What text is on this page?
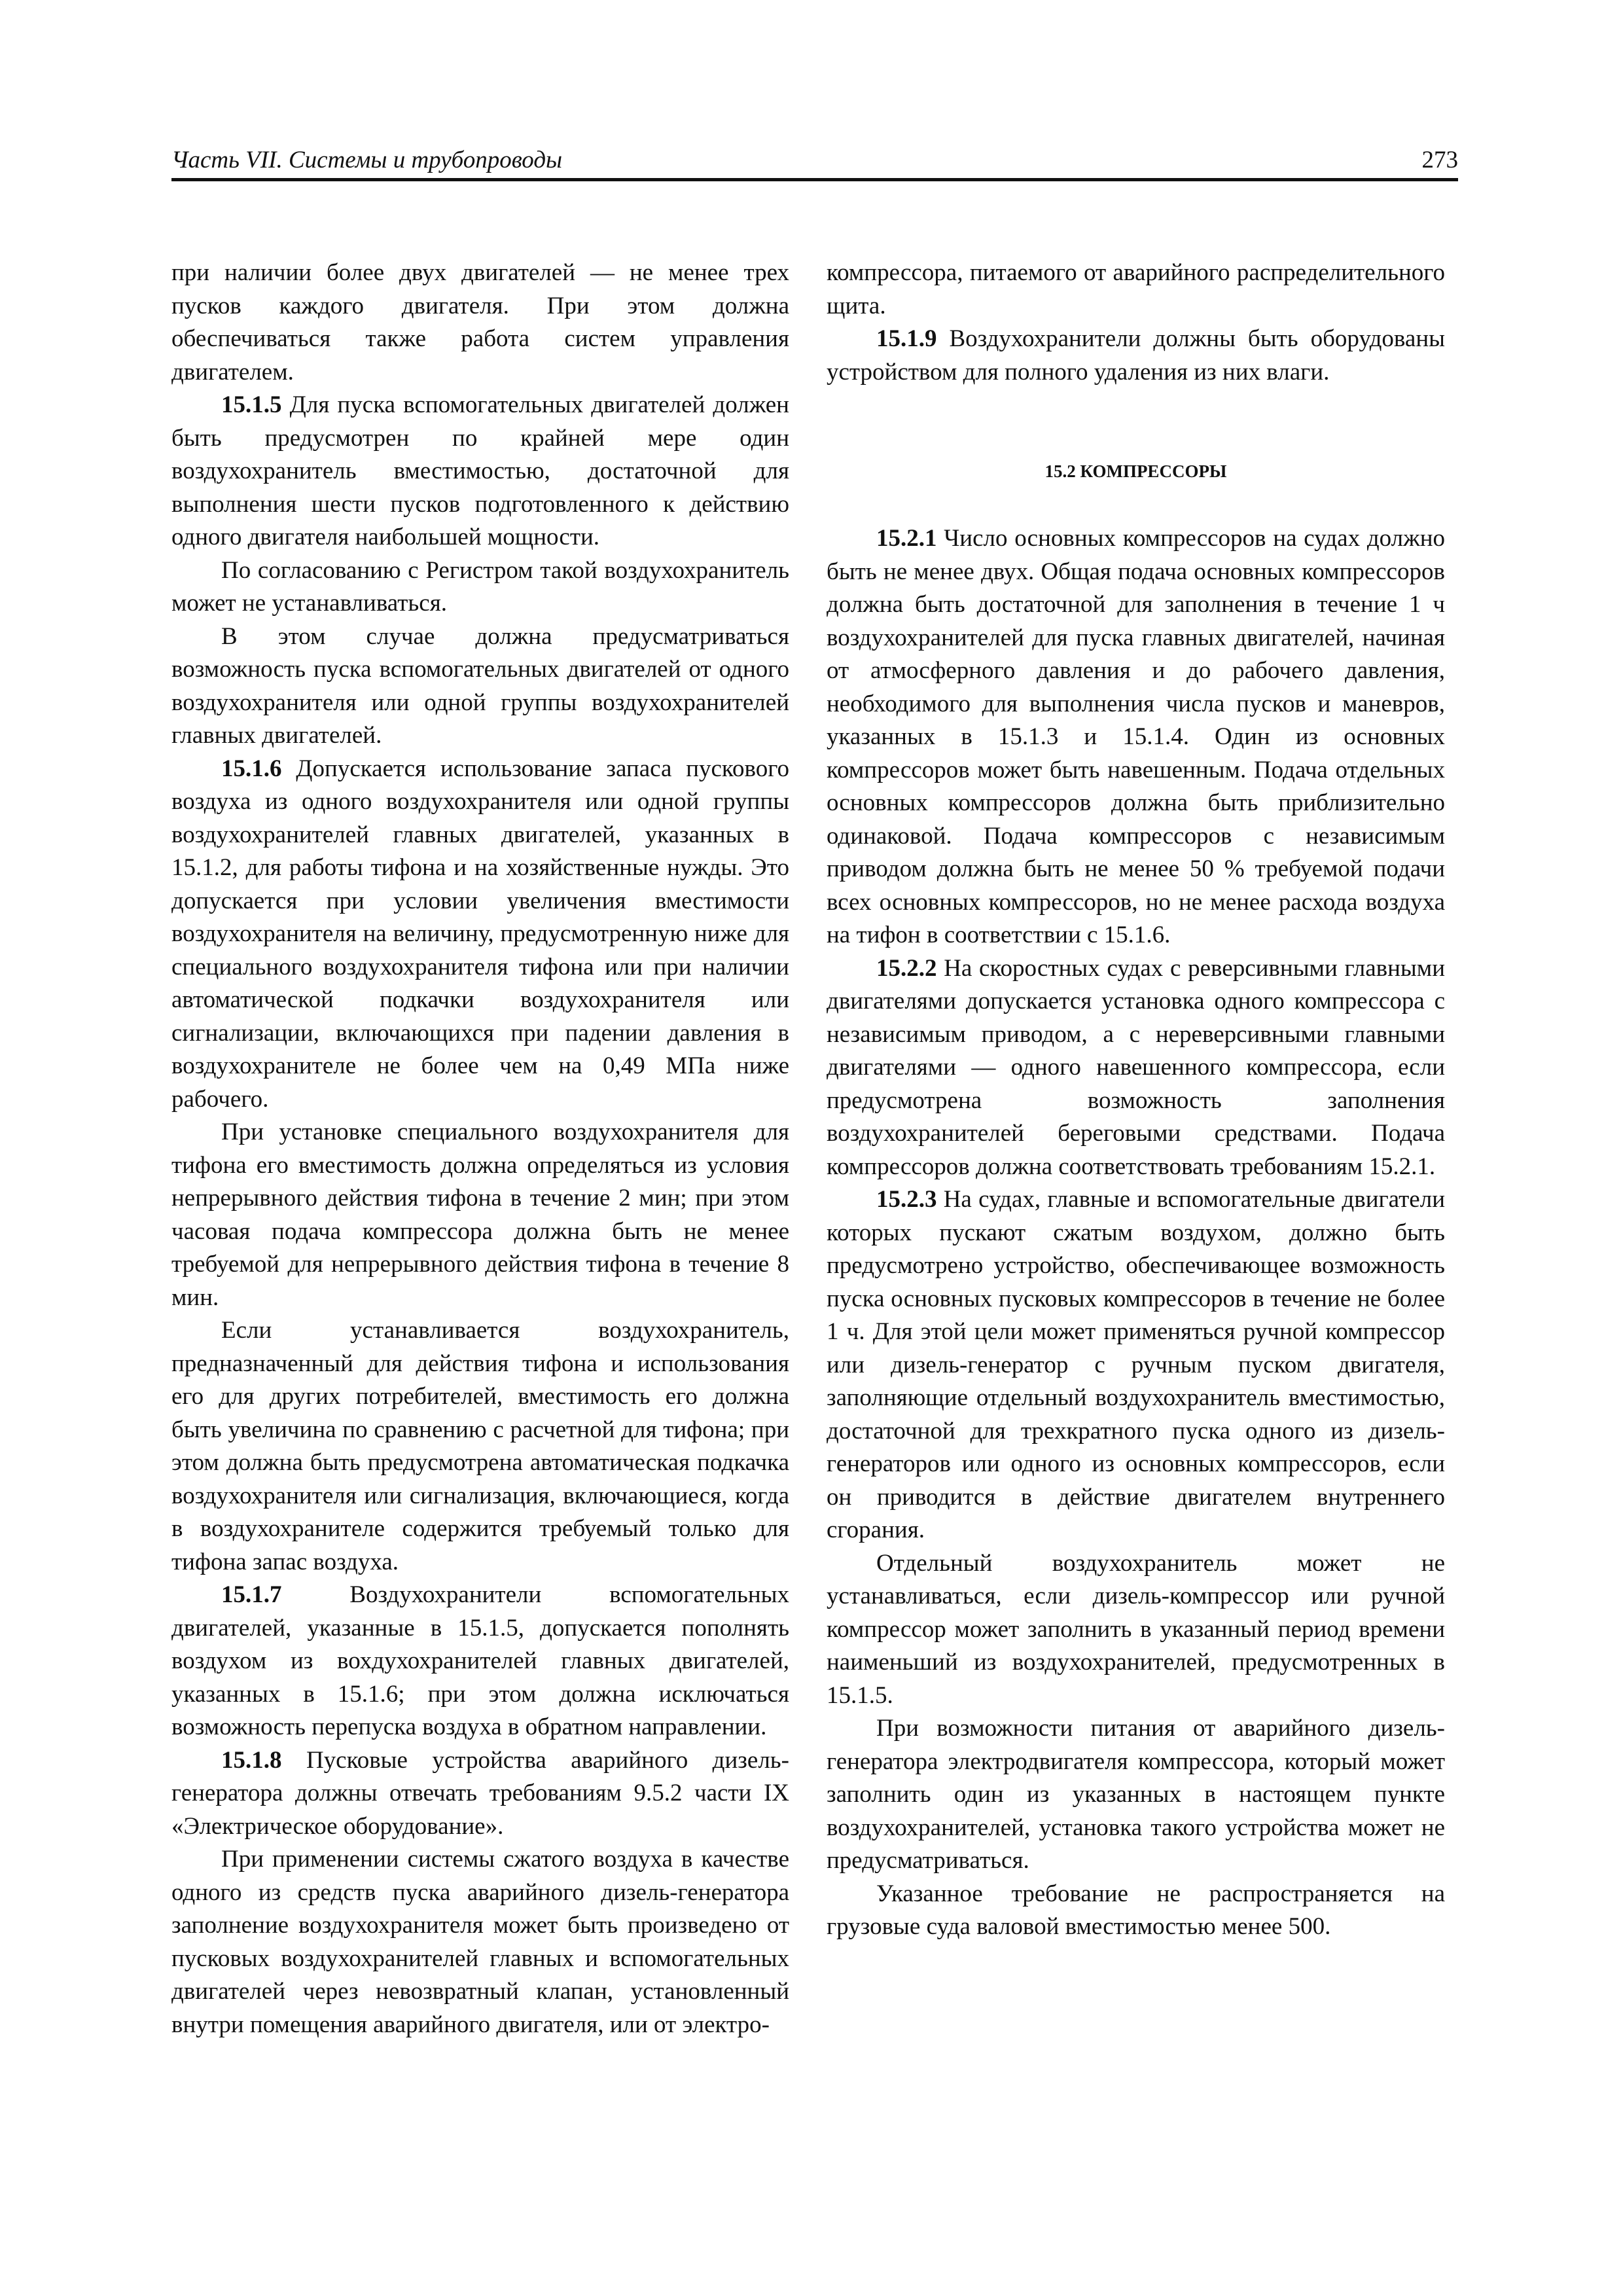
Часть VII. Системы и трубопроводы	273

при наличии более двух двигателей — не менее трех пусков каждого двигателя. При этом должна обеспечиваться также работа систем управления двигателем.

15.1.5 Для пуска вспомогательных двигателей должен быть предусмотрен по крайней мере один воздухохранитель вместимостью, достаточной для выполнения шести пусков подготовленного к действию одного двигателя наибольшей мощности.

По согласованию с Регистром такой воздухохранитель может не устанавливаться.

В этом случае должна предусматриваться возможность пуска вспомогательных двигателей от одного воздухохранителя или одной группы воздухохранителей главных двигателей.

15.1.6 Допускается использование запаса пускового воздуха из одного воздухохранителя или одной группы воздухохранителей главных двигателей, указанных в 15.1.2, для работы тифона и на хозяйственные нужды. Это допускается при условии увеличения вместимости воздухохранителя на величину, предусмотренную ниже для специального воздухохранителя тифона или при наличии автоматической подкачки воздухохранителя или сигнализации, включающихся при падении давления в воздухохранителе не более чем на 0,49 МПа ниже рабочего.

При установке специального воздухохранителя для тифона его вместимость должна определяться из условия непрерывного действия тифона в течение 2 мин; при этом часовая подача компрессора должна быть не менее требуемой для непрерывного действия тифона в течение 8 мин.

Если устанавливается воздухохранитель, предназначенный для действия тифона и использования его для других потребителей, вместимость его должна быть увеличина по сравнению с расчетной для тифона; при этом должна быть предусмотрена автоматическая подкачка воздухохранителя или сигнализация, включающиеся, когда в воздухохранителе содержится требуемый только для тифона запас воздуха.

15.1.7 Воздухохранители вспомогательных двигателей, указанные в 15.1.5, допускается пополнять воздухом из вохдухохранителей главных двигателей, указанных в 15.1.6; при этом должна исключаться возможность перепуска воздуха в обратном направлении.

15.1.8 Пусковые устройства аварийного дизель-генератора должны отвечать требованиям 9.5.2 части IX «Электрическое оборудование».

При применении системы сжатого воздуха в качестве одного из средств пуска аварийного дизель-генератора заполнение воздухохранителя может быть произведено от пусковых воздухохранителей главных и вспомогательных двигателей через невозвратный клапан, установленный внутри помещения аварийного двигателя, или от электро-

компрессора, питаемого от аварийного распределительного щита.

15.1.9 Воздухохранители должны быть оборудованы устройством для полного удаления из них влаги.

15.2 КОМПРЕССОРЫ

15.2.1 Число основных компрессоров на судах должно быть не менее двух. Общая подача основных компрессоров должна быть достаточной для заполнения в течение 1 ч воздухохранителей для пуска главных двигателей, начиная от атмосферного давления и до рабочего давления, необходимого для выполнения числа пусков и маневров, указанных в 15.1.3 и 15.1.4. Один из основных компрессоров может быть навешенным. Подача отдельных основных компрессоров должна быть приблизительно одинаковой. Подача компрессоров с независимым приводом должна быть не менее 50 % требуемой подачи всех основных компрессоров, но не менее расхода воздуха на тифон в соответствии с 15.1.6.

15.2.2 На скоростных судах с реверсивными главными двигателями допускается установка одного компрессора с независимым приводом, а с нереверсивными главными двигателями — одного навешенного компрессора, если предусмотрена возможность заполнения воздухохранителей береговыми средствами. Подача компрессоров должна соответствовать требованиям 15.2.1.

15.2.3 На судах, главные и вспомогательные двигатели которых пускают сжатым воздухом, должно быть предусмотрено устройство, обеспечивающее возможность пуска основных пусковых компрессоров в течение не более 1 ч. Для этой цели может применяться ручной компрессор или дизель-генератор с ручным пуском двигателя, заполняющие отдельный воздухохранитель вместимостью, достаточной для трехкратного пуска одного из дизель-генераторов или одного из основных компрессоров, если он приводится в действие двигателем внутреннего сгорания.

Отдельный воздухохранитель может не устанавливаться, если дизель-компрессор или ручной компрессор может заполнить в указанный период времени наименьший из воздухохранителей, предусмотренных в 15.1.5.

При возможности питания от аварийного дизель-генератора электродвигателя компрессора, который может заполнить один из указанных в настоящем пункте воздухохранителей, установка такого устройства может не предусматриваться.

Указанное требование не распространяется на грузовые суда валовой вместимостью менее 500.
